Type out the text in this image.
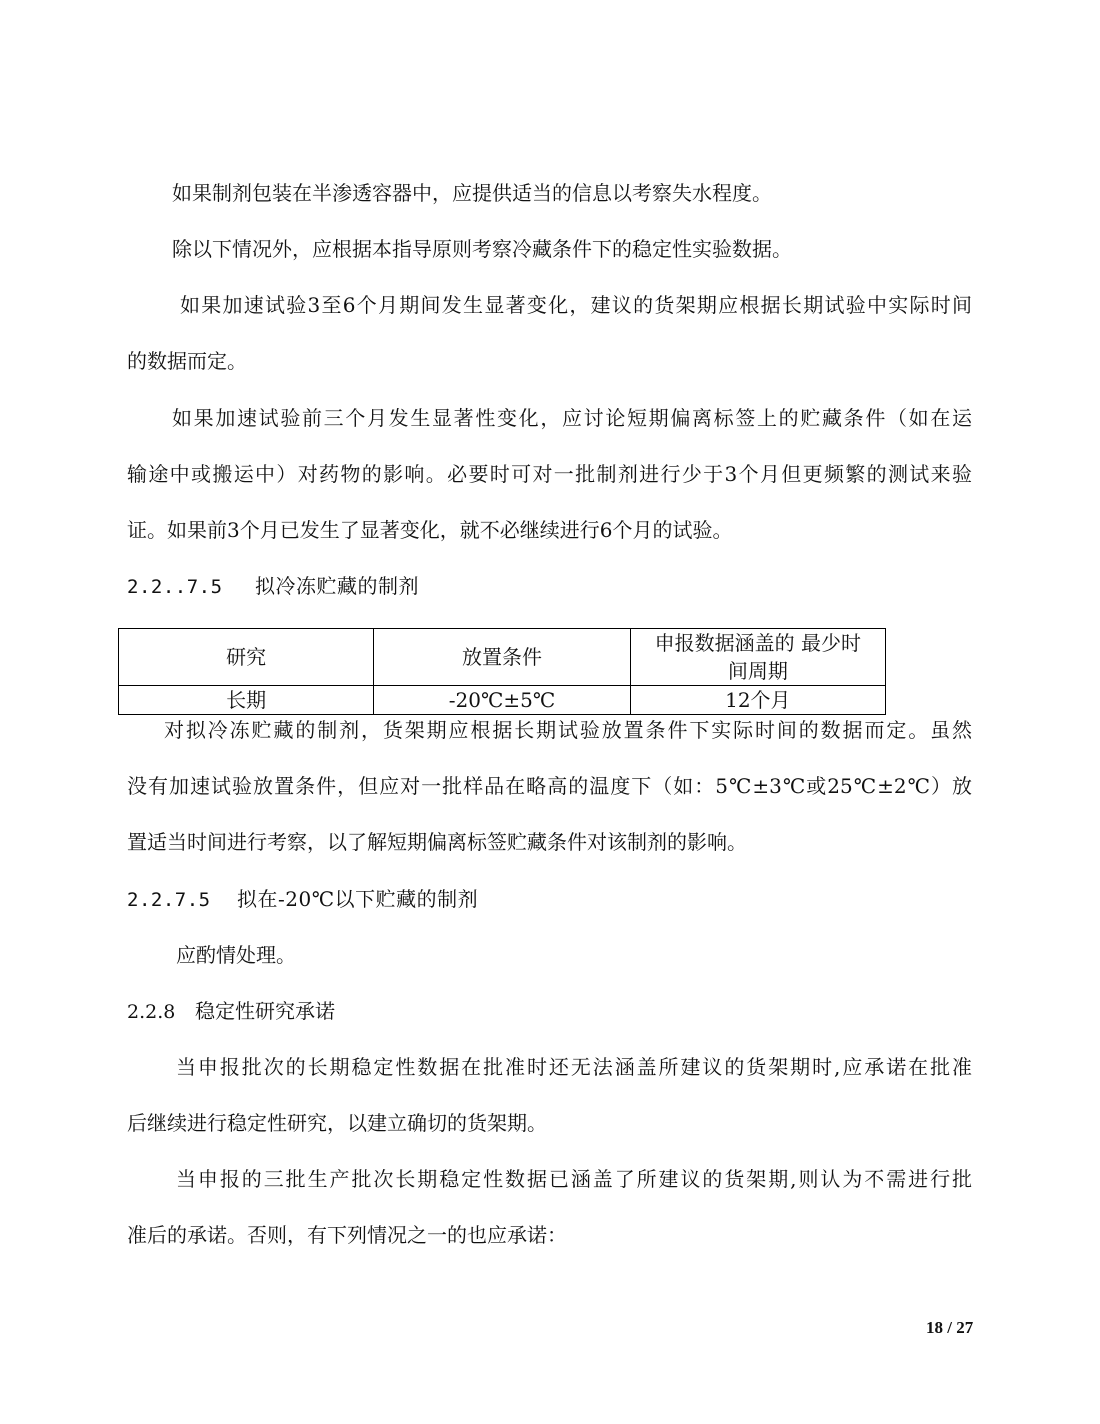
如果制剂包装在半渗透容器中，应提供适当的信息以考察失水程度。
除以下情况外，应根据本指导原则考察冷藏条件下的稳定性实验数据。
如果加速试验3至6个月期间发生显著变化，建议的货架期应根据长期试验中实际时间
的数据而定。
如果加速试验前三个月发生显著性变化，应讨论短期偏离标签上的贮藏条件（如在运
输途中或搬运中）对药物的影响。必要时可对一批制剂进行少于3个月但更频繁的测试来验
证。如果前3个月已发生了显著变化，就不必继续进行6个月的试验。
2.2..7.5 拟冷冻贮藏的制剂
研究	放置条件	申报数据涵盖的 最少时
间周期

长期	-20℃±5℃	12个月
对拟冷冻贮藏的制剂，货架期应根据长期试验放置条件下实际时间的数据而定。虽然
没有加速试验放置条件，但应对一批样品在略高的温度下（如：5℃±3℃或25℃±2℃）放
置适当时间进行考察，以了解短期偏离标签贮藏条件对该制剂的影响。
2.2.7.5 拟在-20℃以下贮藏的制剂
应酌情处理。
2.2.8 稳定性研究承诺
当申报批次的长期稳定性数据在批准时还无法涵盖所建议的货架期时,应承诺在批准
后继续进行稳定性研究，以建立确切的货架期。
当申报的三批生产批次长期稳定性数据已涵盖了所建议的货架期,则认为不需进行批
准后的承诺。否则，有下列情况之一的也应承诺：
18 / 27
